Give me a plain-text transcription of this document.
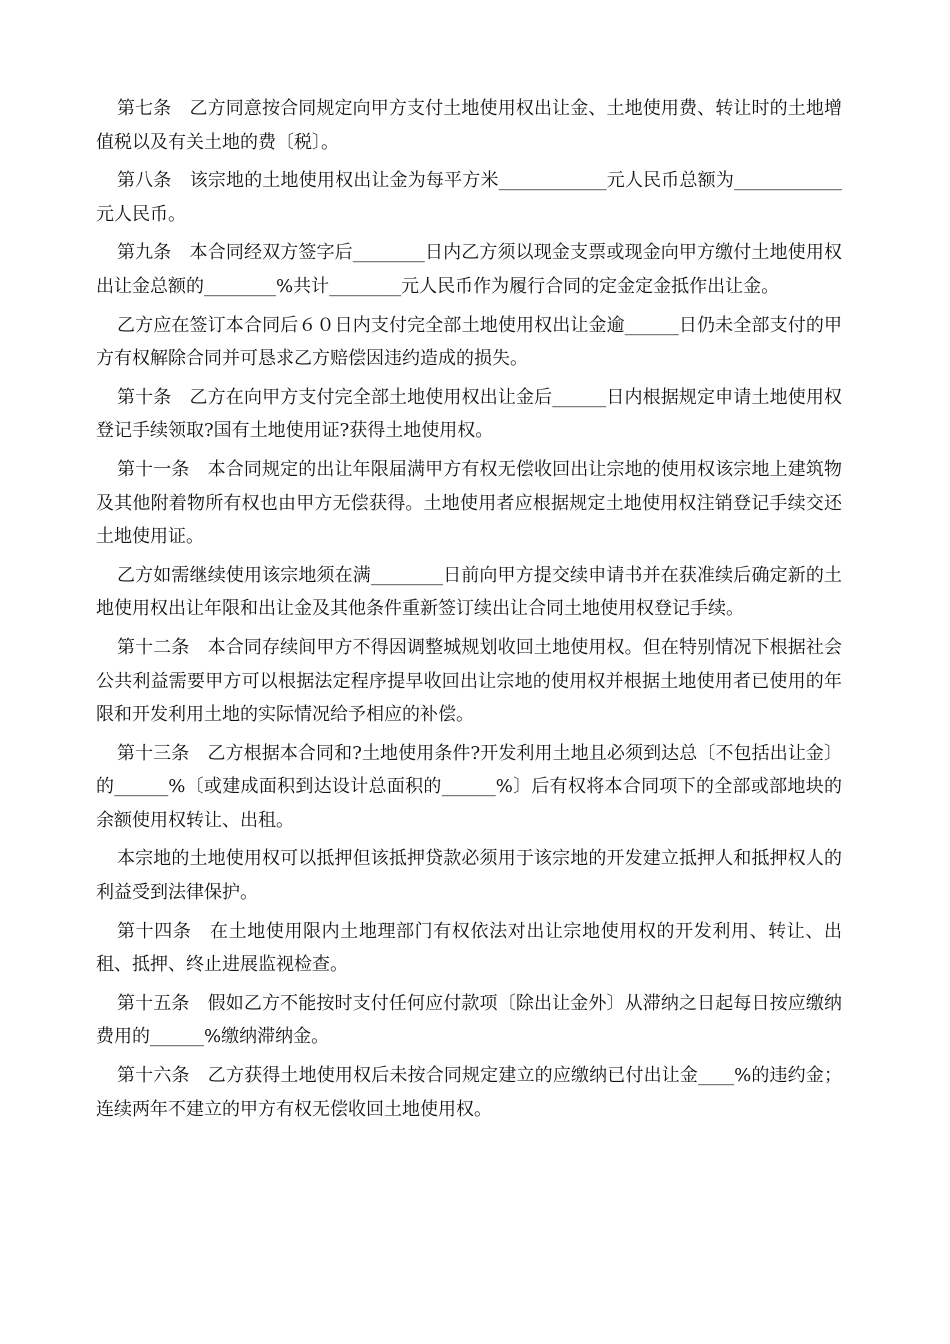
第七条　乙方同意按合同规定向甲方支付土地使用权出让金、土地使用费、转让时的土地增值税以及有关土地的费〔税〕。

第八条　该宗地的土地使用权出让金为每平方米____________元人民币总额为____________元人民币。

第九条　本合同经双方签字后________日内乙方须以现金支票或现金向甲方缴付土地使用权出让金总额的________%共计________元人民币作为履行合同的定金定金抵作出让金。

乙方应在签订本合同后６０日内支付完全部土地使用权出让金逾______日仍未全部支付的甲方有权解除合同并可恳求乙方赔偿因违约造成的损失。

第十条　乙方在向甲方支付完全部土地使用权出让金后______日内根据规定申请土地使用权登记手续领取?国有土地使用证?获得土地使用权。

第十一条　本合同规定的出让年限届满甲方有权无偿收回出让宗地的使用权该宗地上建筑物及其他附着物所有权也由甲方无偿获得。土地使用者应根据规定土地使用权注销登记手续交还土地使用证。

乙方如需继续使用该宗地须在满________日前向甲方提交续申请书并在获准续后确定新的土地使用权出让年限和出让金及其他条件重新签订续出让合同土地使用权登记手续。

第十二条　本合同存续间甲方不得因调整城规划收回土地使用权。但在特别情况下根据社会公共利益需要甲方可以根据法定程序提早收回出让宗地的使用权并根据土地使用者已使用的年限和开发利用土地的实际情况给予相应的补偿。

第十三条　乙方根据本合同和?土地使用条件?开发利用土地且必须到达总〔不包括出让金〕的______%〔或建成面积到达设计总面积的______%〕后有权将本合同项下的全部或部地块的余额使用权转让、出租。

本宗地的土地使用权可以抵押但该抵押贷款必须用于该宗地的开发建立抵押人和抵押权人的利益受到法律保护。

第十四条　在土地使用限内土地理部门有权依法对出让宗地使用权的开发利用、转让、出租、抵押、终止进展监视检查。

第十五条　假如乙方不能按时支付任何应付款项〔除出让金外〕从滞纳之日起每日按应缴纳费用的______%缴纳滞纳金。

第十六条　乙方获得土地使用权后未按合同规定建立的应缴纳已付出让金____%的违约金；连续两年不建立的甲方有权无偿收回土地使用权。
